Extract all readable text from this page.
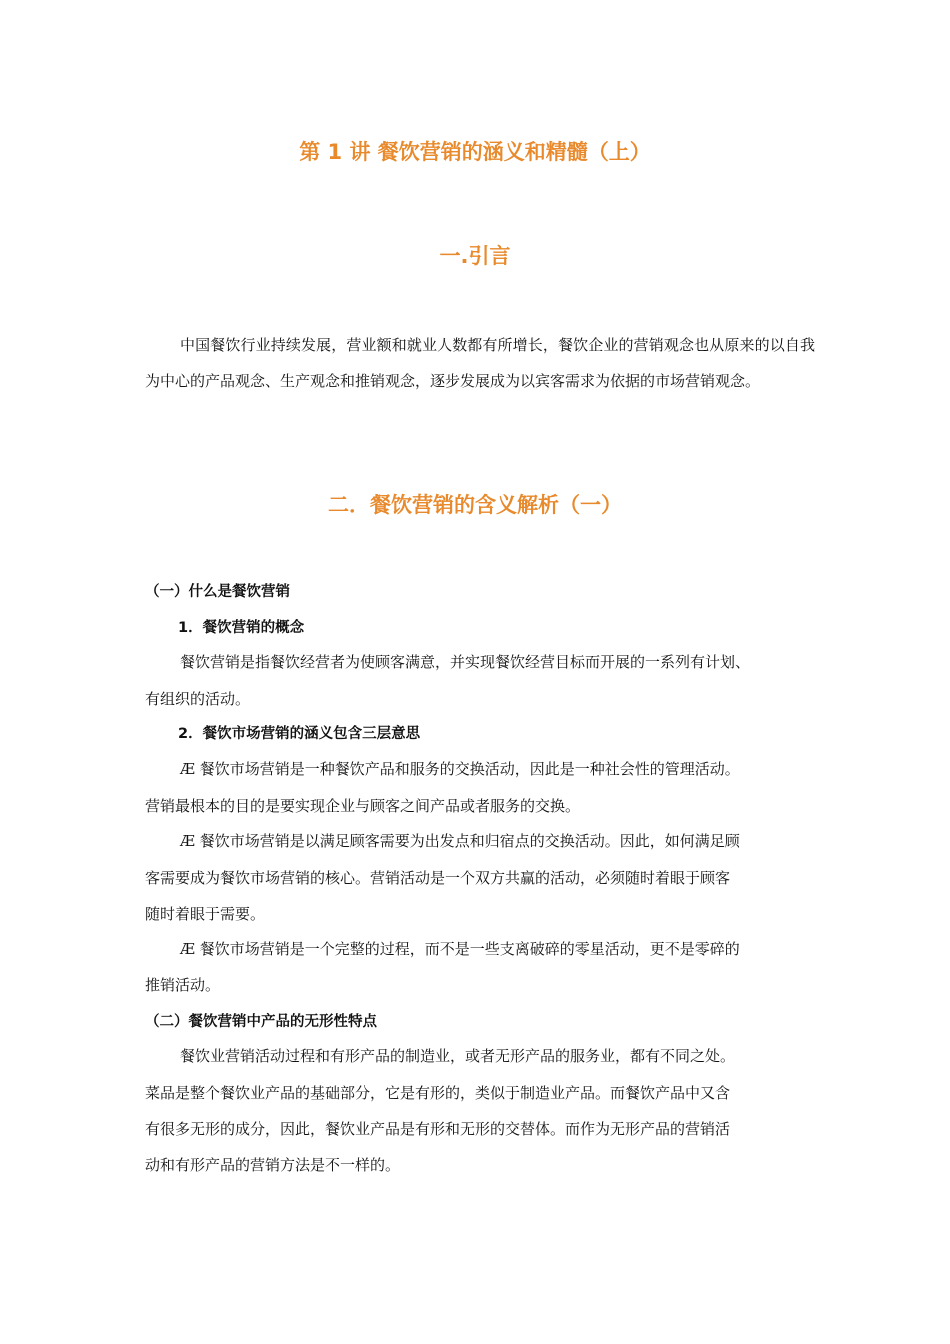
第 1 讲 餐饮营销的涵义和精髓（上）
一.引言
中国餐饮行业持续发展，营业额和就业人数都有所增长，餐饮企业的营销观念也从原来的以自我为中心的产品观念、生产观念和推销观念，逐步发展成为以宾客需求为依据的市场营销观念。
二．餐饮营销的含义解析（一）
（一）什么是餐饮营销
1．餐饮营销的概念
餐饮营销是指餐饮经营者为使顾客满意，并实现餐饮经营目标而开展的一系列有计划、
有组织的活动。
2．餐饮市场营销的涵义包含三层意思
Æ 餐饮市场营销是一种餐饮产品和服务的交换活动，因此是一种社会性的管理活动。
营销最根本的目的是要实现企业与顾客之间产品或者服务的交换。
Æ 餐饮市场营销是以满足顾客需要为出发点和归宿点的交换活动。因此，如何满足顾
客需要成为餐饮市场营销的核心。营销活动是一个双方共赢的活动，必须随时着眼于顾客
随时着眼于需要。
Æ 餐饮市场营销是一个完整的过程，而不是一些支离破碎的零星活动，更不是零碎的
推销活动。
（二）餐饮营销中产品的无形性特点
餐饮业营销活动过程和有形产品的制造业，或者无形产品的服务业，都有不同之处。
菜品是整个餐饮业产品的基础部分，它是有形的，类似于制造业产品。而餐饮产品中又含
有很多无形的成分，因此，餐饮业产品是有形和无形的交替体。而作为无形产品的营销活
动和有形产品的营销方法是不一样的。
